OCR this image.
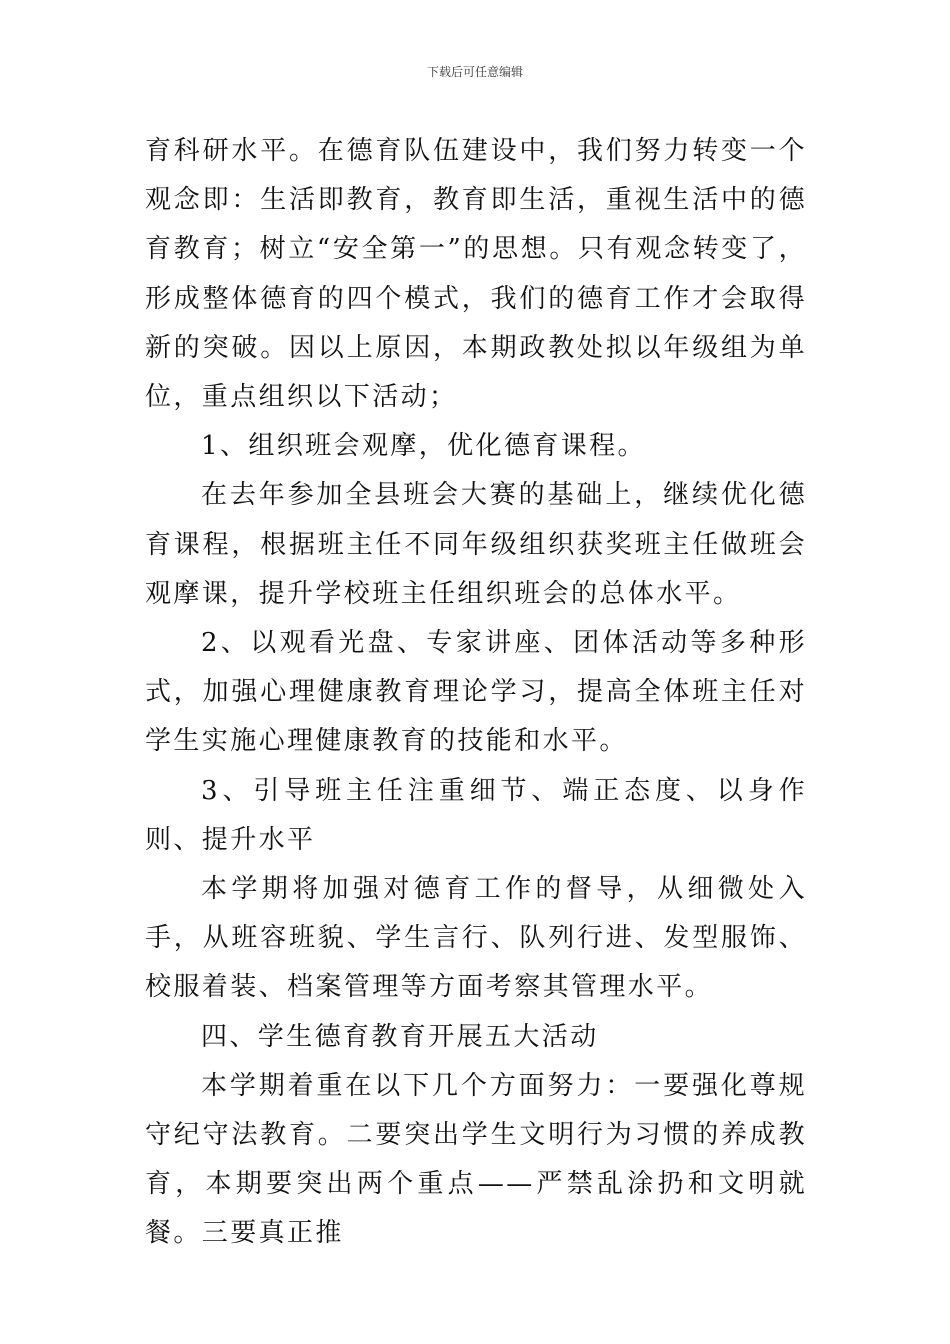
下载后可任意编辑

育科研水平。在德育队伍建设中，我们努力转变一个观念即：生活即教育，教育即生活，重视生活中的德育教育；树立“安全第一”的思想。只有观念转变了，形成整体德育的四个模式，我们的德育工作才会取得新的突破。因以上原因，本期政教处拟以年级组为单位，重点组织以下活动；

1、组织班会观摩，优化德育课程。

在去年参加全县班会大赛的基础上，继续优化德育课程，根据班主任不同年级组织获奖班主任做班会观摩课，提升学校班主任组织班会的总体水平。

2、以观看光盘、专家讲座、团体活动等多种形式，加强心理健康教育理论学习，提高全体班主任对学生实施心理健康教育的技能和水平。

3、引导班主任注重细节、端正态度、以身作则、提升水平

本学期将加强对德育工作的督导，从细微处入手，从班容班貌、学生言行、队列行进、发型服饰、校服着装、档案管理等方面考察其管理水平。

四、学生德育教育开展五大活动

本学期着重在以下几个方面努力：一要强化尊规守纪守法教育。二要突出学生文明行为习惯的养成教育，本期要突出两个重点——严禁乱涂扔和文明就餐。三要真正推
